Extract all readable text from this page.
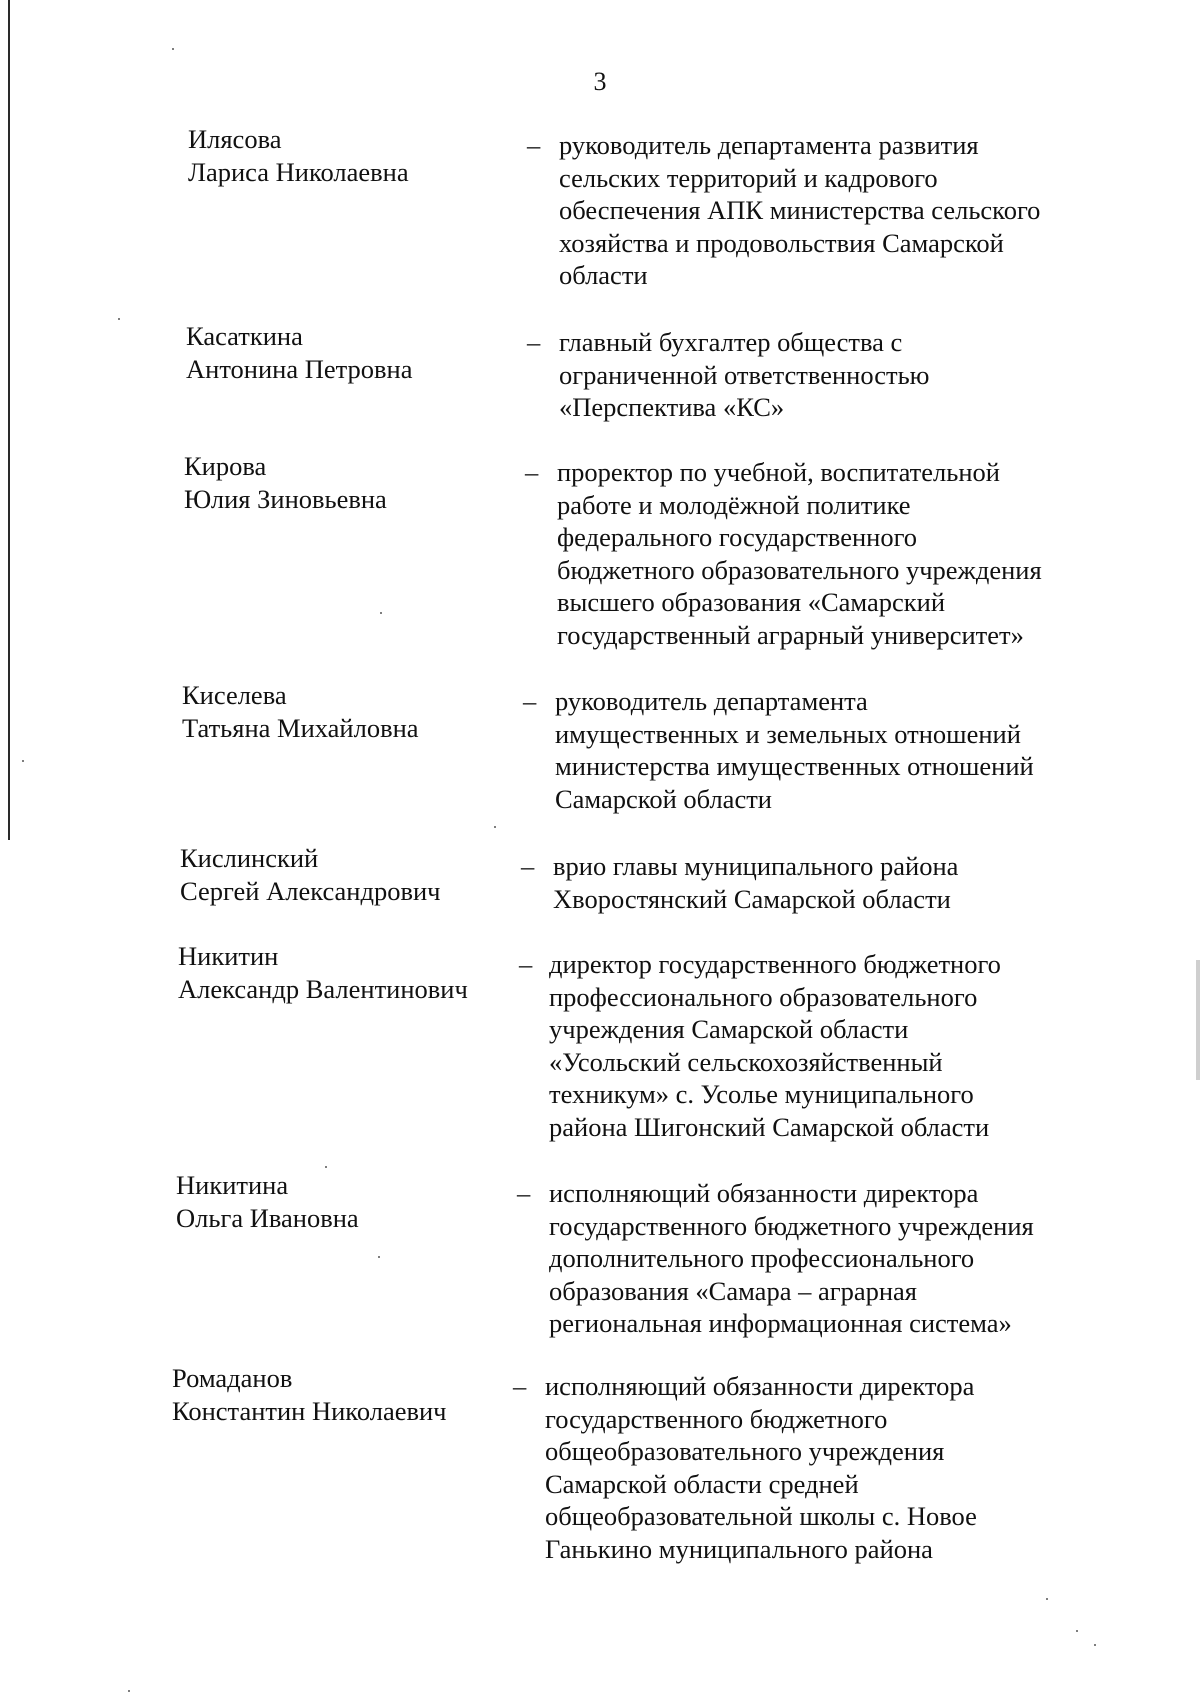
3
Илясова
Лариса Николаевна
– руководитель департамента развития
сельских территорий и кадрового
обеспечения АПК министерства сельского
хозяйства и продовольствия Самарской
области
Касаткина
Антонина Петровна
– главный бухгалтер общества с
ограниченной ответственностью
«Перспектива «КС»
Кирова
Юлия Зиновьевна
– проректор по учебной, воспитательной
работе и молодёжной политике
федерального государственного
бюджетного образовательного учреждения
высшего образования «Самарский
государственный аграрный университет»
Киселева
Татьяна Михайловна
– руководитель департамента
имущественных и земельных отношений
министерства имущественных отношений
Самарской области
Кислинский
Сергей Александрович
– врио главы муниципального района
Хворостянский Самарской области
Никитин
Александр Валентинович
– директор государственного бюджетного
профессионального образовательного
учреждения Самарской области
«Усольский сельскохозяйственный
техникум» с. Усолье муниципального
района Шигонский Самарской области
Никитина
Ольга Ивановна
– исполняющий обязанности директора
государственного бюджетного учреждения
дополнительного профессионального
образования «Самара – аграрная
региональная информационная система»
Ромаданов
Константин Николаевич
– исполняющий обязанности директора
государственного бюджетного
общеобразовательного учреждения
Самарской области средней
общеобразовательной школы с. Новое
Ганькино муниципального района
